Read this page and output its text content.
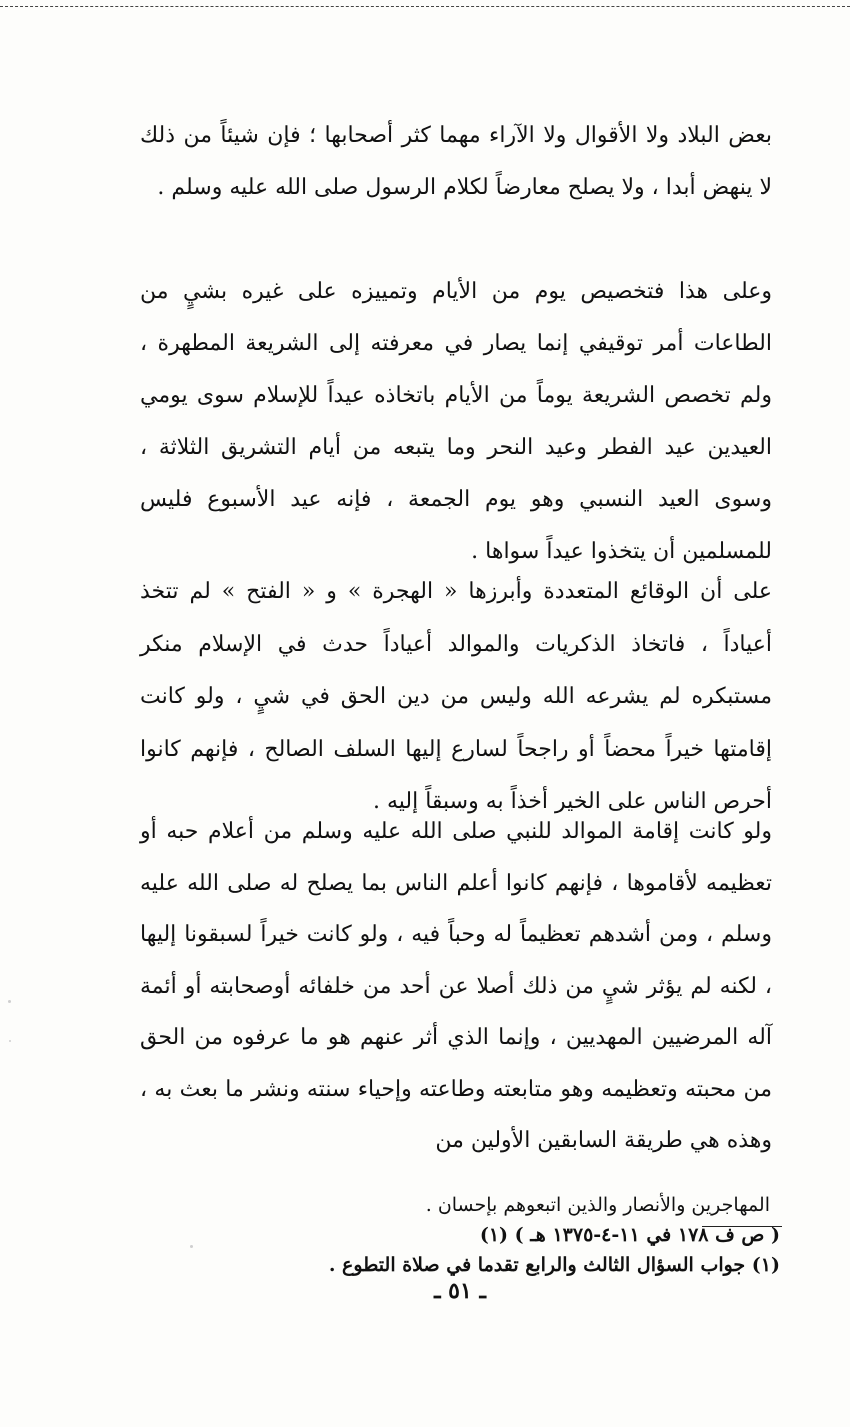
بعض البلاد ولا الأقوال ولا الآراء مهما كثر أصحابها ؛ فإن شيئاً من ذلك لا ينهض أبدا ، ولا يصلح معارضاً لكلام الرسول صلى الله عليه وسلم .

وعلى هذا فتخصيص يوم من الأيام وتمييزه على غيره بشيٍ من الطاعات أمر توقيفي إنما يصار في معرفته إلى الشريعة المطهرة ، ولم تخصص الشريعة يوماً من الأيام باتخاذه عيداً للإسلام سوى يومي العيدين عيد الفطر وعيد النحر وما يتبعه من أيام التشريق الثلاثة ، وسوى العيد النسبي وهو يوم الجمعة ، فإنه عيد الأسبوع فليس للمسلمين أن يتخذوا عيداً سواها .

على أن الوقائع المتعددة وأبرزها « الهجرة » و « الفتح » لم تتخذ أعياداً ، فاتخاذ الذكريات والموالد أعياداً حدث في الإسلام منكر مستبكره لم يشرعه الله وليس من دين الحق في شيٍ ، ولو كانت إقامتها خيراً محضاً أو راجحاً لسارع إليها السلف الصالح ، فإنهم كانوا أحرص الناس على الخير أخذاً به وسبقاً إليه .

ولو كانت إقامة الموالد للنبي صلى الله عليه وسلم من أعلام حبه أو تعظيمه لأقاموها ، فإنهم كانوا أعلم الناس بما يصلح له صلى الله عليه وسلم ، ومن أشدهم تعظيماً له وحباً فيه ، ولو كانت خيراً لسبقونا إليها ، لكنه لم يؤثر شيٍ من ذلك أصلا عن أحد من خلفائه أوصحابته أو أئمة آله المرضيين المهديين ، وإنما الذي أثر عنهم هو ما عرفوه من الحق من محبته وتعظيمه وهو متابعته وطاعته وإحياء سنته ونشر ما بعث به ، وهذه هي طريقة السابقين الأولين من

المهاجرين والأنصار والذين اتبعوهم بإحسان .

( ص ف ١٧٨ في ١١-٤-١٣٧٥ هـ ) (١)
(١) جواب السؤال الثالث والرابع تقدما في صلاة التطوع .

ـ ٥١ ـ
